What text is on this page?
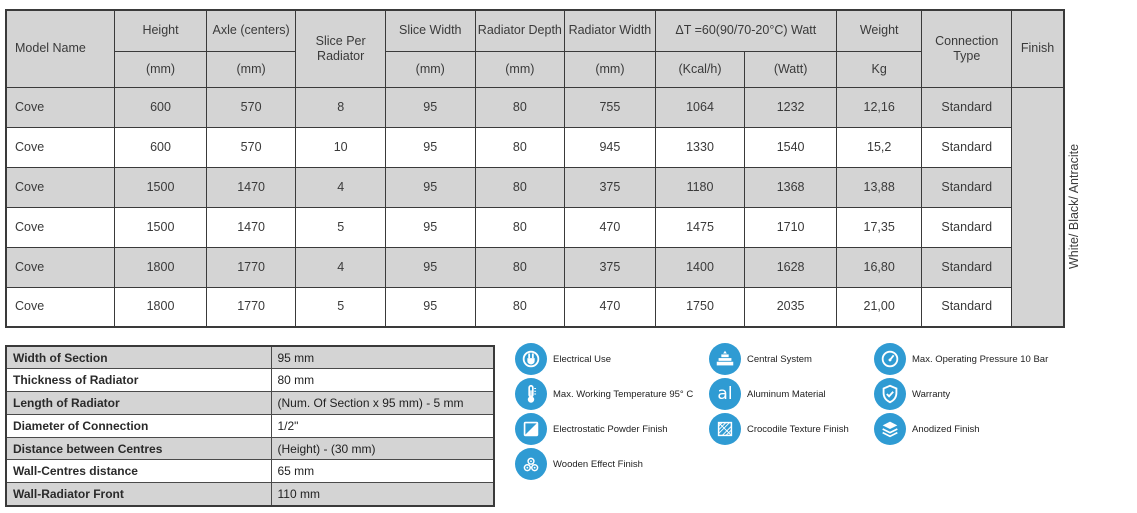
Model Name	Height	Axle (centers)	Slice Per Radiator	Slice Width	Radiator Depth	Radiator Width	ΔT =60(90/70-20°C) Watt		Weight	Connection Type	Finish
	(mm)	(mm)		(mm)	(mm)	(mm)	(Kcal/h)	(Watt)	Kg		
Cove	600	570	8	95	80	755	1064	1232	12,16	Standard	White/ Black/ Antracite
Cove	600	570	10	95	80	945	1330	1540	15,2	Standard	
Cove	1500	1470	4	95	80	375	1180	1368	13,88	Standard	
Cove	1500	1470	5	95	80	470	1475	1710	17,35	Standard	
Cove	1800	1770	4	95	80	375	1400	1628	16,80	Standard	
Cove	1800	1770	5	95	80	470	1750	2035	21,00	Standard	
Width of Section	95 mm
Thickness of Radiator	80 mm
Length of Radiator	(Num. Of Section x 95 mm) - 5 mm
Diameter of Connection	1/2"
Distance between Centres	(Height) - (30 mm)
Wall-Centres distance	65 mm
Wall-Radiator Front	110 mm
Electrical Use	Central System	Max. Operating Pressure 10 Bar
Max. Working Temperature 95° C al Aluminum Material	Warranty
Electrostatic Powder Finish	Crocodile Texture Finish	Anodized Finish
Wooden Effect Finish
